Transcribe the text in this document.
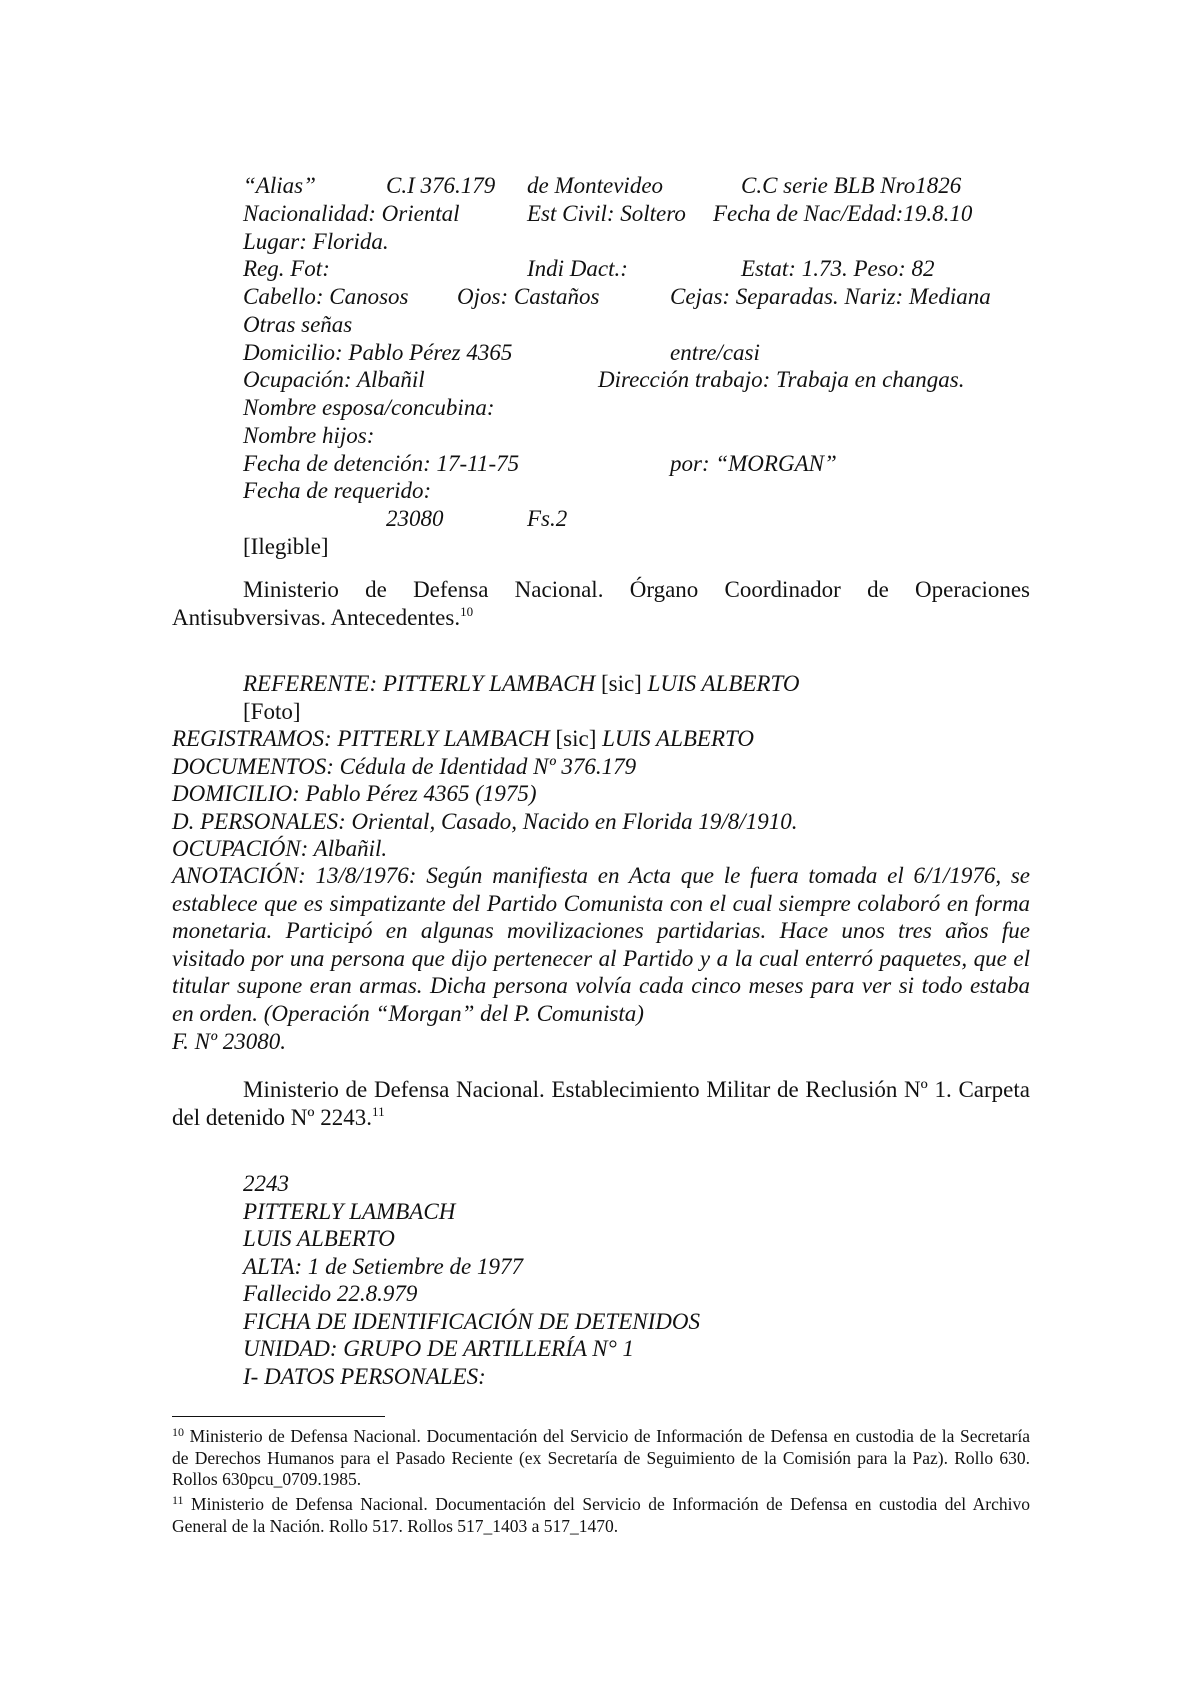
“Alias”	C.I 376.179 de Montevideo	C.C serie BLB Nro1826
Nacionalidad: Oriental	Est Civil: Soltero Fecha de Nac/Edad:19.8.10
Lugar: Florida.
Reg. Fot:	Indi Dact.:	Estat: 1.73. Peso: 82
Cabello: Canosos Ojos: Castaños	Cejas: Separadas. Nariz: Mediana
Otras señas
Domicilio: Pablo Pérez 4365	entre/casi
Ocupación: Albañil	Dirección trabajo: Trabaja en changas.
Nombre esposa/concubina:
Nombre hijos:
Fecha de detención: 17-11-75	por: “MORGAN”
Fecha de requerido:
23080	Fs.2
[Ilegible]

Ministerio de Defensa Nacional. Órgano Coordinador de Operaciones Antisubversivas. Antecedentes.$^{10}$

REFERENTE: PITTERLY LAMBACH [sic] LUIS ALBERTO
[Foto]
REGISTRAMOS: PITTERLY LAMBACH [sic] LUIS ALBERTO
DOCUMENTOS: Cédula de Identidad Nº 376.179
DOMICILIO: Pablo Pérez 4365 (1975)
D. PERSONALES: Oriental, Casado, Nacido en Florida 19/8/1910.
OCUPACIÓN: Albañil.

ANOTACIÓN: 13/8/1976: Según manifiesta en Acta que le fuera tomada el 6/1/1976, se establece que es simpatizante del Partido Comunista con el cual siempre colaboró en forma monetaria. Participó en algunas movilizaciones partidarias. Hace unos tres años fue visitado por una persona que dijo pertenecer al Partido y a la cual enterró paquetes, que el titular supone eran armas. Dicha persona volvía cada cinco meses para ver si todo estaba en orden. (Operación “Morgan” del P. Comunista)

F. Nº 23080.

Ministerio de Defensa Nacional. Establecimiento Militar de Reclusión Nº 1. Carpeta del detenido Nº 2243.11

2243
PITTERLY LAMBACH
LUIS ALBERTO
ALTA: 1 de Setiembre de 1977
Fallecido 22.8.979
FICHA DE IDENTIFICACIÓN DE DETENIDOS
UNIDAD: GRUPO DE ARTILLERÍA N° 1
I- DATOS PERSONALES:

$^{10}$ Ministerio de Defensa Nacional. Documentación del Servicio de Información de Defensa en custodia de la Secretaría de Derechos Humanos para el Pasado Reciente (ex Secretaría de Seguimiento de la Comisión para la Paz). Rollo 630. Rollos 630pcu_0709.1985.

$^{11}$ Ministerio de Defensa Nacional. Documentación del Servicio de Información de Defensa en custodia del Archivo General de la Nación. Rollo 517. Rollos 517_1403 a 517_1470.
